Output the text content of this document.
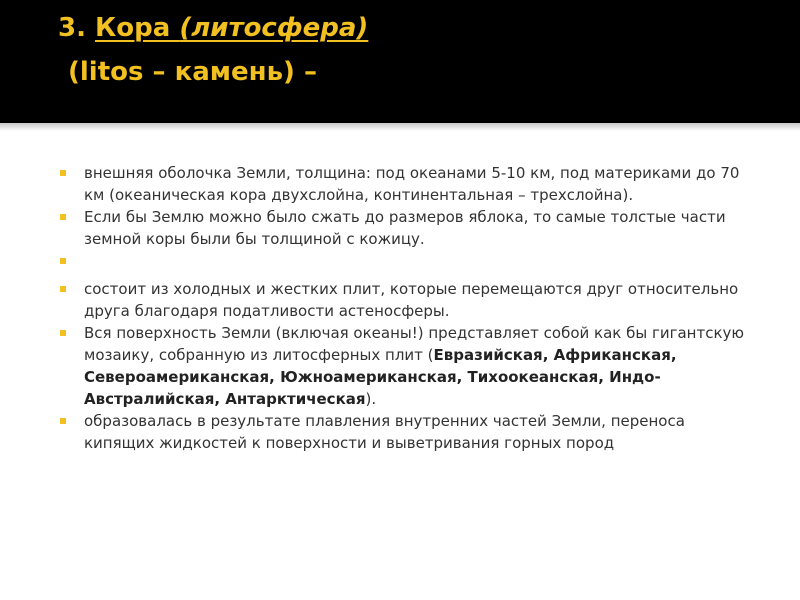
3. Кора (литосфера)
(litos – камень) –
внешняя оболочка Земли, толщина: под океанами 5-10 км, под материками до 70 км (океаническая кора двухслойна, континентальная – трехслойна).
Если бы Землю можно было сжать до размеров яблока, то самые толстые части земной коры были бы толщиной с кожицу.
состоит из холодных и жестких плит, которые перемещаются друг относительно друга благодаря податливости астеносферы.
Вся поверхность Земли (включая океаны!) представляет собой как бы гигантскую мозаику, собранную из литосферных плит (Евразийская, Африканская, Североамериканская, Южноамериканская, Тихоокеанская, Индо-Австралийская, Антарктическая).
образовалась в результате плавления внутренних частей Земли, переноса кипящих жидкостей к поверхности и выветривания горных пород
